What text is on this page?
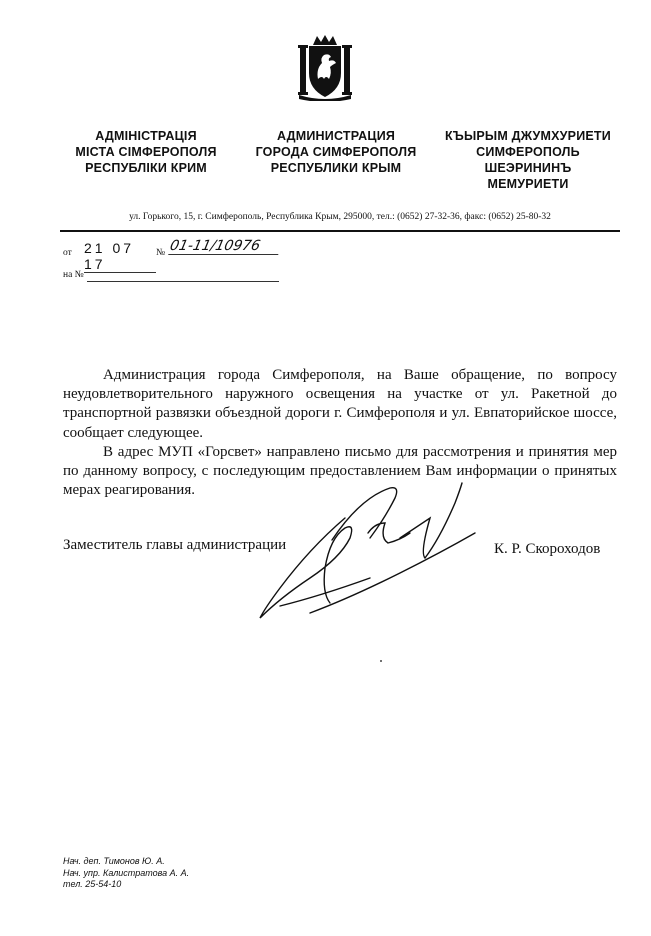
АДМІНІСТРАЦІЯ
МІСТА СІМФЕРОПОЛЯ
РЕСПУБЛІКИ КРИМ
АДМИНИСТРАЦИЯ
ГОРОДА СИМФЕРОПОЛЯ
РЕСПУБЛИКИ КРЫМ
КЪЫРЫМ ДЖУМХУРИЕТИ
СИМФЕРОПОЛЬ
ШЕЭРИНИНЪ
МЕМУРИЕТИ
ул. Горького, 15, г. Симферополь, Республика Крым, 295000, тел.: (0652) 27-32-36, факс: (0652) 25-80-32
от 21 07 17
№ 01-11/10976
на №

Администрация города Симферополя, на Ваше обращение, по вопросу неудовлетворительного наружного освещения на участке от ул. Ракетной до транспортной развязки объездной дороги г. Симферополя и ул. Евпаторийское шоссе, сообщает следующее.

В адрес МУП «Горсвет» направлено письмо для рассмотрения и принятия мер по данному вопросу, с последующим предоставлением Вам информации о принятых мерах реагирования.

Заместитель главы администрации	К. Р. Скороходов
Нач. деп. Тимонов Ю. А.
Нач. упр. Калистратова А. А.
тел. 25-54-10
